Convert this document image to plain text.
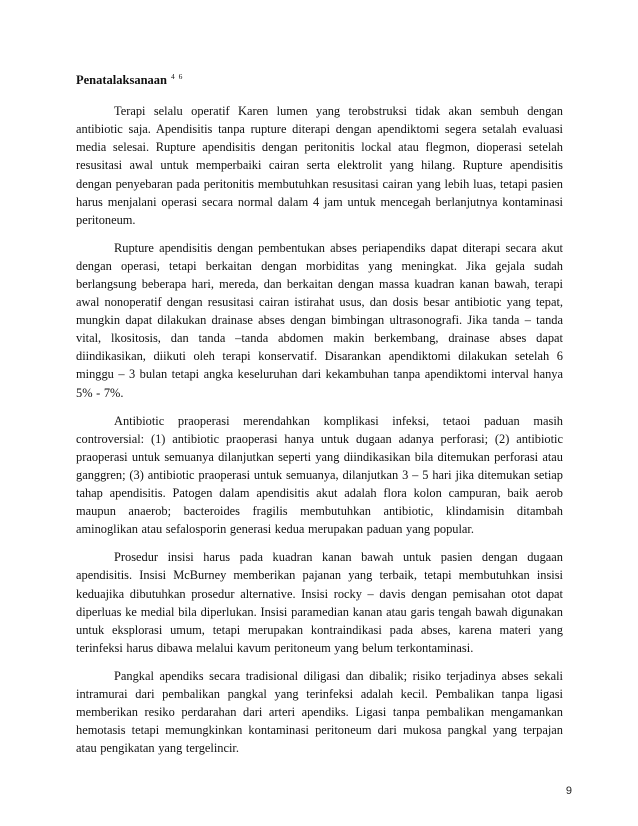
Penatalaksanaan $^{4 6}$

Terapi selalu operatif Karen lumen yang terobstruksi tidak akan sembuh dengan antibiotic saja. Apendisitis tanpa rupture diterapi dengan apendiktomi segera setalah evaluasi media selesai. Rupture apendisitis dengan peritonitis lockal atau flegmon, dioperasi setelah resusitasi awal untuk memperbaiki cairan serta elektrolit yang hilang. Rupture apendisitis dengan penyebaran pada peritonitis membutuhkan resusitasi cairan yang lebih luas, tetapi pasien harus menjalani operasi secara normal dalam 4 jam untuk mencegah berlanjutnya kontaminasi peritoneum.

Rupture apendisitis dengan pembentukan abses periapendiks dapat diterapi secara akut dengan operasi, tetapi berkaitan dengan morbiditas yang meningkat. Jika gejala sudah berlangsung beberapa hari, mereda, dan berkaitan dengan massa kuadran kanan bawah, terapi awal nonoperatif dengan resusitasi cairan istirahat usus, dan dosis besar antibiotic yang tepat, mungkin dapat dilakukan drainase abses dengan bimbingan ultrasonografi. Jika tanda – tanda vital, lkositosis, dan tanda –tanda abdomen makin berkembang, drainase abses dapat diindikasikan, diikuti oleh terapi konservatif. Disarankan apendiktomi dilakukan setelah 6 minggu – 3 bulan tetapi angka keseluruhan dari kekambuhan tanpa apendiktomi interval hanya 5% - 7%.

Antibiotic praoperasi merendahkan komplikasi infeksi, tetaoi paduan masih controversial: (1) antibiotic praoperasi hanya untuk dugaan adanya perforasi; (2) antibiotic praoperasi untuk semuanya dilanjutkan seperti yang diindikasikan bila ditemukan perforasi atau ganggren; (3) antibiotic praoperasi untuk semuanya, dilanjutkan 3 – 5 hari jika ditemukan setiap tahap apendisitis. Patogen dalam apendisitis akut adalah flora kolon campuran, baik aerob maupun anaerob; bacteroides fragilis membutuhkan antibiotic, klindamisin ditambah aminoglikan atau sefalosporin generasi kedua merupakan paduan yang popular.

Prosedur insisi harus pada kuadran kanan bawah untuk pasien dengan dugaan apendisitis. Insisi McBurney memberikan pajanan yang terbaik, tetapi membutuhkan insisi keduajika dibutuhkan prosedur alternative. Insisi rocky – davis dengan pemisahan otot dapat diperluas ke medial bila diperlukan. Insisi paramedian kanan atau garis tengah bawah digunakan untuk eksplorasi umum, tetapi merupakan kontraindikasi pada abses, karena materi yang terinfeksi harus dibawa melalui kavum peritoneum yang belum terkontaminasi.

Pangkal apendiks secara tradisional diligasi dan dibalik; risiko terjadinya abses sekali intramurai dari pembalikan pangkal yang terinfeksi adalah kecil. Pembalikan tanpa ligasi memberikan resiko perdarahan dari arteri apendiks. Ligasi tanpa pembalikan mengamankan hemotasis tetapi memungkinkan kontaminasi peritoneum dari mukosa pangkal yang terpajan atau pengikatan yang tergelincir.

9
